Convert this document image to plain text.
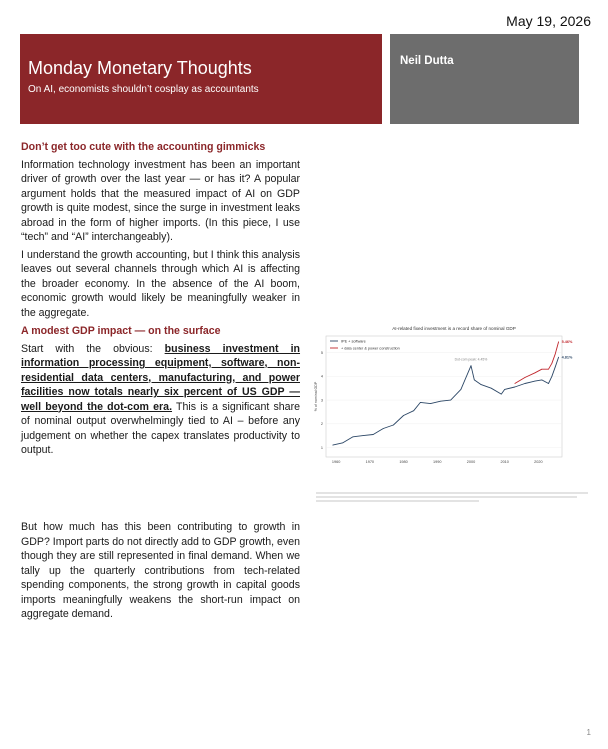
May 19, 2026
Monday Monetary Thoughts
On AI, economists shouldn’t cosplay as accountants
Neil Dutta
Don’t get too cute with the accounting gimmicks

Information technology investment has been an important driver of growth over the last year — or has it? A popular argument holds that the measured impact of AI on GDP growth is quite modest, since the surge in investment leaks abroad in the form of higher imports. (In this piece, I use “tech” and “AI” interchangeably).

I understand the growth accounting, but I think this analysis leaves out several channels through which AI is affecting the broader economy. In the absence of the AI boom, economic growth would likely be meaningfully weaker in the aggregate.

A modest GDP impact — on the surface

Start with the obvious: business investment in information processing equipment, software, non-residential data centers, manufacturing, and power facilities now totals nearly six percent of US GDP — well beyond the dot-com era. This is a significant share of nominal output overwhelmingly tied to AI – before any judgement on whether the capex translates productivity to output.

But how much has this been contributing to growth in GDP? Import parts do not directly add to GDP growth, even though they are still represented in final demand. When we tally up the quarterly contributions from tech-related spending components, the strong growth in capital goods imports meaningfully weakens the short-run impact on aggregate demand.

AI-related fixed investment is a record share of nominal GDP
% of nominal GDP
1
2
3
4
5
1960	1970	1980	1990	2000	2010	2020
IPE + software
+ data center & power construction
Dot-com peak: 4.45%
5.46%
4.81%
1
